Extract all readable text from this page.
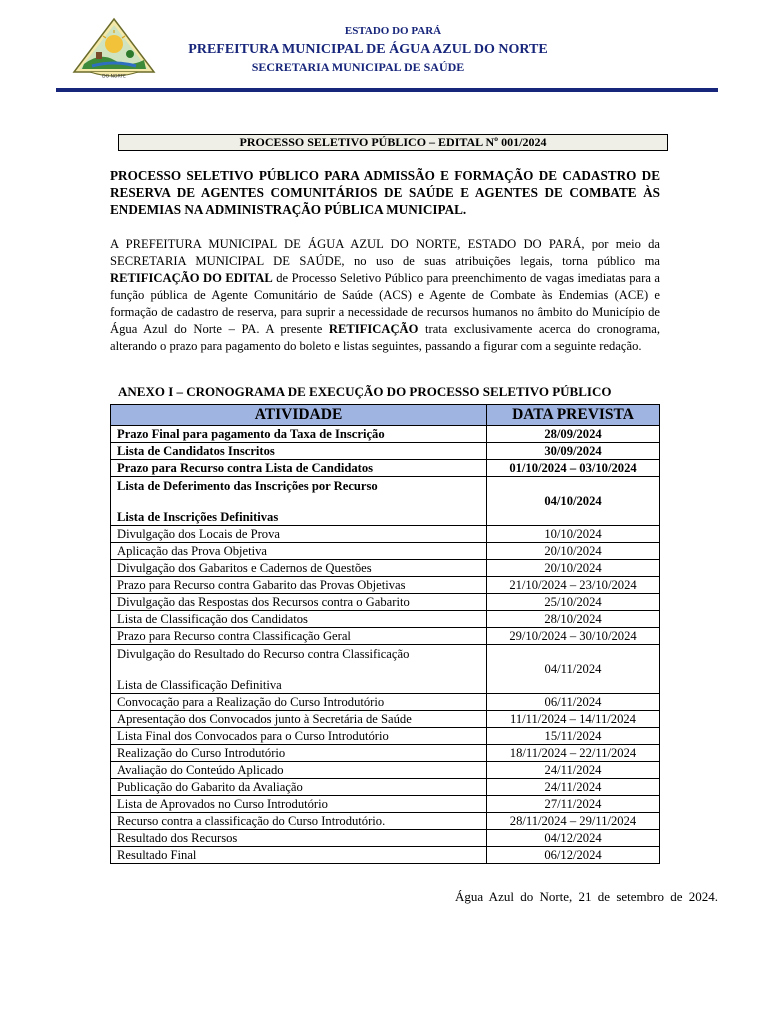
DO NORTE
ESTADO DO PARÁ
PREFEITURA MUNICIPAL DE ÁGUA AZUL DO NORTE
SECRETARIA MUNICIPAL DE SAÚDE
PROCESSO SELETIVO PÚBLICO – EDITAL Nº 001/2024
PROCESSO SELETIVO PÚBLICO PARA ADMISSÃO E FORMAÇÃO DE CADASTRO DE RESERVA DE AGENTES COMUNITÁRIOS DE SAÚDE E AGENTES DE COMBATE ÀS ENDEMIAS NA ADMINISTRAÇÃO PÚBLICA MUNICIPAL.
A PREFEITURA MUNICIPAL DE ÁGUA AZUL DO NORTE, ESTADO DO PARÁ, por meio da SECRETARIA MUNICIPAL DE SAÚDE, no uso de suas atribuições legais, torna público ma RETIFICAÇÃO DO EDITAL de Processo Seletivo Público para preenchimento de vagas imediatas para a função pública de Agente Comunitário de Saúde (ACS) e Agente de Combate às Endemias (ACE) e formação de cadastro de reserva, para suprir a necessidade de recursos humanos no âmbito do Município de Água Azul do Norte – PA. A presente RETIFICAÇÃO trata exclusivamente acerca do cronograma, alterando o prazo para pagamento do boleto e listas seguintes, passando a figurar com a seguinte redação.
ANEXO I – CRONOGRAMA DE EXECUÇÃO DO PROCESSO SELETIVO PÚBLICO
ATIVIDADE	DATA PREVISTA
Prazo Final para pagamento da Taxa de Inscrição	28/09/2024
Lista de Candidatos Inscritos	30/09/2024
Prazo para Recurso contra Lista de Candidatos	01/10/2024 – 03/10/2024

Lista de Deferimento das Inscrições por Recurso
Lista de Inscrições Definitivas	04/10/2024
Divulgação dos Locais de Prova	10/10/2024
Aplicação das Prova Objetiva	20/10/2024
Divulgação dos Gabaritos e Cadernos de Questões	20/10/2024
Prazo para Recurso contra Gabarito das Provas Objetivas	21/10/2024 – 23/10/2024
Divulgação das Respostas dos Recursos contra o Gabarito	25/10/2024
Lista de Classificação dos Candidatos	28/10/2024
Prazo para Recurso contra Classificação Geral	29/10/2024 – 30/10/2024

Divulgação do Resultado do Recurso contra Classificação
Lista de Classificação Definitiva	04/11/2024
Convocação para a Realização do Curso Introdutório	06/11/2024
Apresentação dos Convocados junto à Secretária de Saúde	11/11/2024 – 14/11/2024
Lista Final dos Convocados para o Curso Introdutório	15/11/2024
Realização do Curso Introdutório	18/11/2024 – 22/11/2024
Avaliação do Conteúdo Aplicado	24/11/2024
Publicação do Gabarito da Avaliação	24/11/2024
Lista de Aprovados no Curso Introdutório	27/11/2024
Recurso contra a classificação do Curso Introdutório.	28/11/2024 – 29/11/2024
Resultado dos Recursos	04/12/2024
Resultado Final	06/12/2024
Água Azul do Norte, 21 de setembro de 2024.
